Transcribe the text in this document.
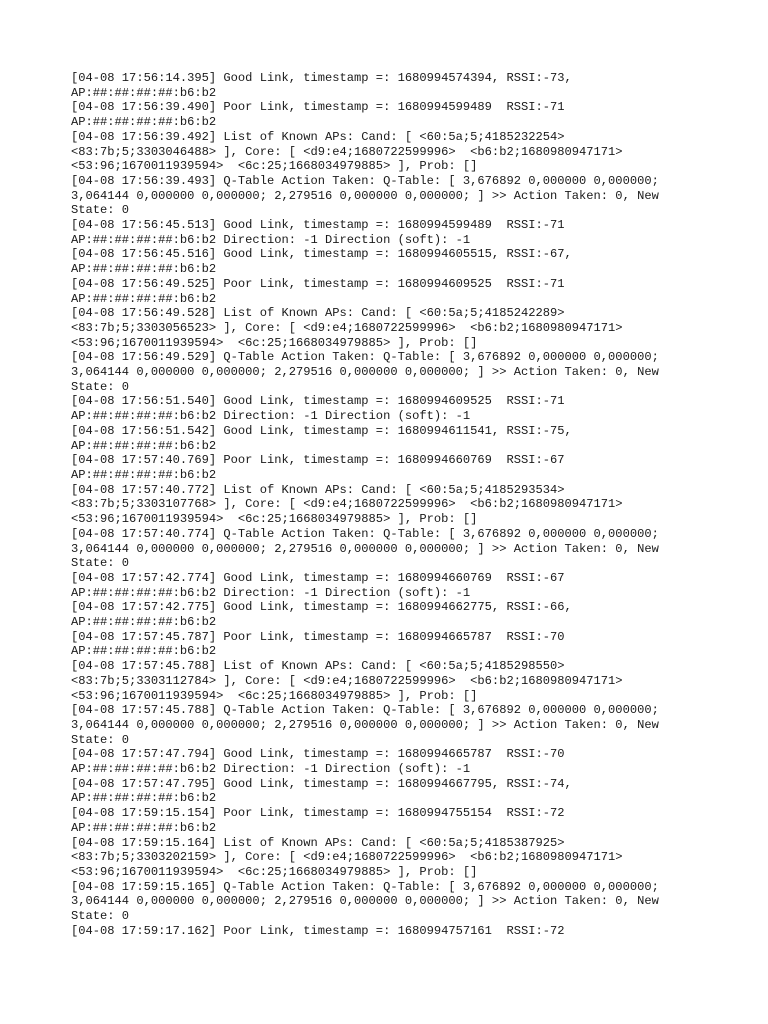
[04-08 17:56:14.395] Good Link, timestamp =: 1680994574394, RSSI:-73,
AP:##:##:##:##:b6:b2
[04-08 17:56:39.490] Poor Link, timestamp =: 1680994599489  RSSI:-71
AP:##:##:##:##:b6:b2
[04-08 17:56:39.492] List of Known APs: Cand: [ <60:5a;5;4185232254>
<83:7b;5;3303046488> ], Core: [ <d9:e4;1680722599996>  <b6:b2;1680980947171>
<53:96;1670011939594>  <6c:25;1668034979885> ], Prob: []
[04-08 17:56:39.493] Q-Table Action Taken: Q-Table: [ 3,676892 0,000000 0,000000;
3,064144 0,000000 0,000000; 2,279516 0,000000 0,000000; ] >> Action Taken: 0, New
State: 0
[04-08 17:56:45.513] Good Link, timestamp =: 1680994599489  RSSI:-71
AP:##:##:##:##:b6:b2 Direction: -1 Direction (soft): -1
[04-08 17:56:45.516] Good Link, timestamp =: 1680994605515, RSSI:-67,
AP:##:##:##:##:b6:b2
[04-08 17:56:49.525] Poor Link, timestamp =: 1680994609525  RSSI:-71
AP:##:##:##:##:b6:b2
[04-08 17:56:49.528] List of Known APs: Cand: [ <60:5a;5;4185242289>
<83:7b;5;3303056523> ], Core: [ <d9:e4;1680722599996>  <b6:b2;1680980947171>
<53:96;1670011939594>  <6c:25;1668034979885> ], Prob: []
[04-08 17:56:49.529] Q-Table Action Taken: Q-Table: [ 3,676892 0,000000 0,000000;
3,064144 0,000000 0,000000; 2,279516 0,000000 0,000000; ] >> Action Taken: 0, New
State: 0
[04-08 17:56:51.540] Good Link, timestamp =: 1680994609525  RSSI:-71
AP:##:##:##:##:b6:b2 Direction: -1 Direction (soft): -1
[04-08 17:56:51.542] Good Link, timestamp =: 1680994611541, RSSI:-75,
AP:##:##:##:##:b6:b2
[04-08 17:57:40.769] Poor Link, timestamp =: 1680994660769  RSSI:-67
AP:##:##:##:##:b6:b2
[04-08 17:57:40.772] List of Known APs: Cand: [ <60:5a;5;4185293534>
<83:7b;5;3303107768> ], Core: [ <d9:e4;1680722599996>  <b6:b2;1680980947171>
<53:96;1670011939594>  <6c:25;1668034979885> ], Prob: []
[04-08 17:57:40.774] Q-Table Action Taken: Q-Table: [ 3,676892 0,000000 0,000000;
3,064144 0,000000 0,000000; 2,279516 0,000000 0,000000; ] >> Action Taken: 0, New
State: 0
[04-08 17:57:42.774] Good Link, timestamp =: 1680994660769  RSSI:-67
AP:##:##:##:##:b6:b2 Direction: -1 Direction (soft): -1
[04-08 17:57:42.775] Good Link, timestamp =: 1680994662775, RSSI:-66,
AP:##:##:##:##:b6:b2
[04-08 17:57:45.787] Poor Link, timestamp =: 1680994665787  RSSI:-70
AP:##:##:##:##:b6:b2
[04-08 17:57:45.788] List of Known APs: Cand: [ <60:5a;5;4185298550>
<83:7b;5;3303112784> ], Core: [ <d9:e4;1680722599996>  <b6:b2;1680980947171>
<53:96;1670011939594>  <6c:25;1668034979885> ], Prob: []
[04-08 17:57:45.788] Q-Table Action Taken: Q-Table: [ 3,676892 0,000000 0,000000;
3,064144 0,000000 0,000000; 2,279516 0,000000 0,000000; ] >> Action Taken: 0, New
State: 0
[04-08 17:57:47.794] Good Link, timestamp =: 1680994665787  RSSI:-70
AP:##:##:##:##:b6:b2 Direction: -1 Direction (soft): -1
[04-08 17:57:47.795] Good Link, timestamp =: 1680994667795, RSSI:-74,
AP:##:##:##:##:b6:b2
[04-08 17:59:15.154] Poor Link, timestamp =: 1680994755154  RSSI:-72
AP:##:##:##:##:b6:b2
[04-08 17:59:15.164] List of Known APs: Cand: [ <60:5a;5;4185387925>
<83:7b;5;3303202159> ], Core: [ <d9:e4;1680722599996>  <b6:b2;1680980947171>
<53:96;1670011939594>  <6c:25;1668034979885> ], Prob: []
[04-08 17:59:15.165] Q-Table Action Taken: Q-Table: [ 3,676892 0,000000 0,000000;
3,064144 0,000000 0,000000; 2,279516 0,000000 0,000000; ] >> Action Taken: 0, New
State: 0
[04-08 17:59:17.162] Poor Link, timestamp =: 1680994757161  RSSI:-72
